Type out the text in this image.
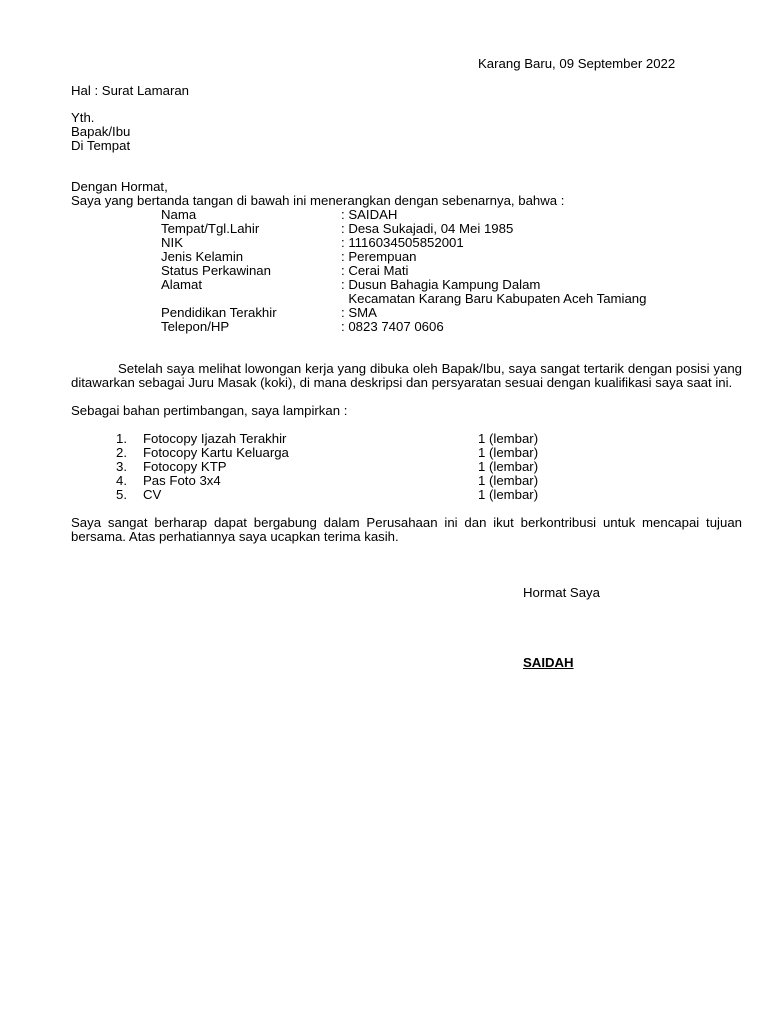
Karang Baru, 09 September 2022
Hal : Surat Lamaran
Yth.
Bapak/Ibu
Di Tempat
Dengan Hormat,
Saya yang bertanda tangan di bawah ini menerangkan dengan sebenarnya, bahwa :
Nama	: SAIDAH
Tempat/Tgl.Lahir	: Desa Sukajadi, 04 Mei 1985
NIK	: 1116034505852001
Jenis Kelamin	: Perempuan
Status Perkawinan	: Cerai Mati
Alamat	: Dusun Bahagia Kampung Dalam
Kecamatan Karang Baru Kabupaten Aceh Tamiang
Pendidikan Terakhir	: SMA
Telepon/HP	: 0823 7407 0606
Setelah saya melihat lowongan kerja yang dibuka oleh Bapak/Ibu, saya sangat tertarik dengan posisi yang ditawarkan sebagai Juru Masak (koki), di mana deskripsi dan persyaratan sesuai dengan kualifikasi saya saat ini.
Sebagai bahan pertimbangan, saya lampirkan :
1. Fotocopy Ijazah Terakhir	1 (lembar)
2. Fotocopy Kartu Keluarga	1 (lembar)
3. Fotocopy KTP	1 (lembar)
4. Pas Foto 3x4	1 (lembar)
5. CV	1 (lembar)
Saya sangat berharap dapat bergabung dalam Perusahaan ini dan ikut berkontribusi untuk mencapai tujuan bersama. Atas perhatiannya saya ucapkan terima kasih.
Hormat Saya
SAIDAH
